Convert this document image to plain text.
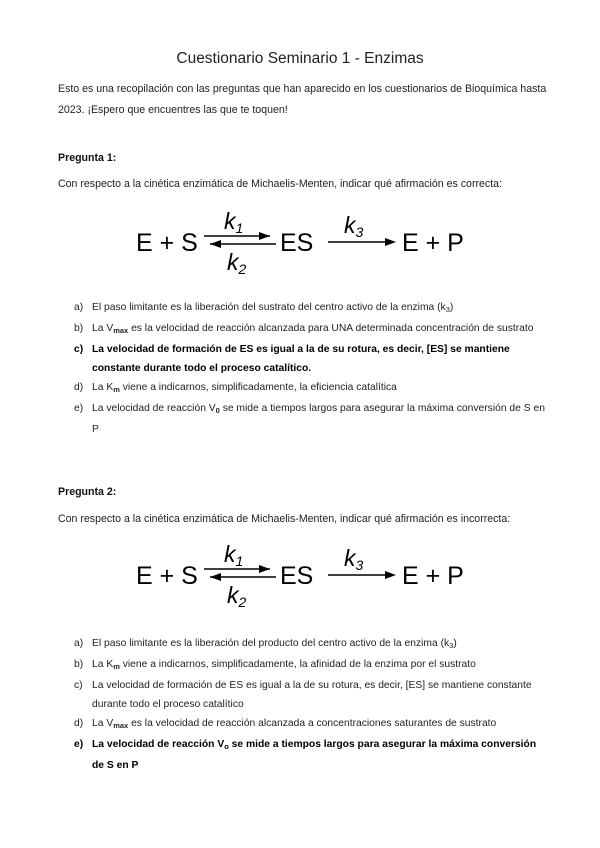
Cuestionario Seminario 1 - Enzimas
Esto es una recopilación con las preguntas que han aparecido en los cuestionarios de Bioquímica hasta 2023. ¡Espero que encuentres las que te toquen!
Pregunta 1:
Con respecto a la cinética enzimática de Michaelis-Menten, indicar qué afirmación es correcta:
E + S
k1
k2
ES
k3 E + P
a) El paso limitante es la liberación del sustrato del centro activo de la enzima $(k_3)$
b) La $V_{max}$ es la velocidad de reacción alcanzada para UNA determinada concentración de sustrato
c) La velocidad de formación de ES es igual a la de su rotura, es decir, [ES] se mantiene constante durante todo el proceso catalítico.
d) La $K_m$ viene a indicarnos, simplificadamente, la eficiencia catalítica
e) La velocidad de reacción $V_0$ se mide a tiempos largos para asegurar la máxima conversión de S en P
Pregunta 2:
Con respecto a la cinética enzimática de Michaelis-Menten, indicar qué afirmación es incorrecta:
E + S
k1
k2
ES
k3 E + P
a) El paso limitante es la liberación del producto del centro activo de la enzima $(k_3)$
b) La $K_m$ viene a indicarnos, simplificadamente, la afinidad de la enzima por el sustrato
c) La velocidad de formación de ES es igual a la de su rotura, es decir, [ES] se mantiene constante durante todo el proceso catalítico
d) La $V_{max}$ es la velocidad de reacción alcanzada a concentraciones saturantes de sustrato
e) La velocidad de reacción $V_o$ se mide a tiempos largos para asegurar la máxima conversión de S en P
